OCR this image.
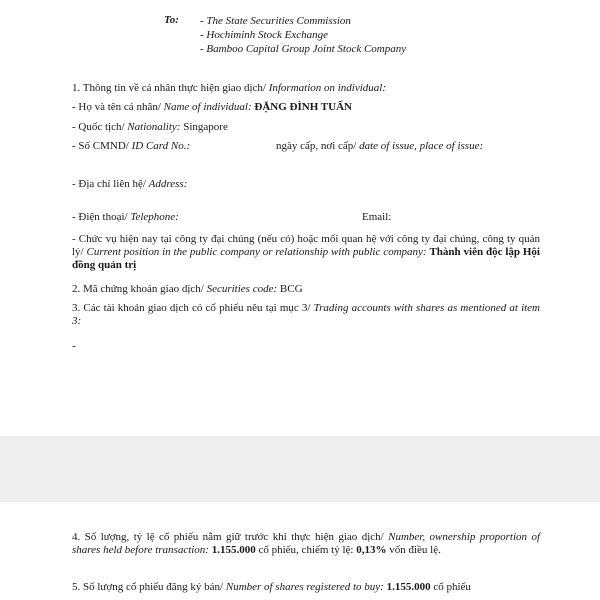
To: - The State Securities Commission
- Hochiminh Stock Exchange
- Bamboo Capital Group Joint Stock Company
1. Thông tin về cá nhân thực hiện giao dịch/ Information on individual:
- Họ và tên cá nhân/ Name of individual: ĐẶNG ĐÌNH TUẤN
- Quốc tịch/ Nationality: Singapore
- Số CMND/ ID Card No.:	ngày cấp, nơi cấp/ date of issue, place of issue:
- Địa chỉ liên hệ/ Address:
- Điện thoại/ Telephone:	Email:
- Chức vụ hiện nay tại công ty đại chúng (nếu có) hoặc mối quan hệ với công ty đại chúng, công ty quản lý/ Current position in the public company or relationship with public company: Thành viên độc lập Hội đồng quản trị
2. Mã chứng khoán giao dịch/ Securities code: BCG
3. Các tài khoản giao dịch có cổ phiếu nêu tại mục 3/ Trading accounts with shares as mentioned at item 3:
-
4. Số lượng, tỷ lệ cổ phiếu nắm giữ trước khi thực hiện giao dịch/ Number, ownership proportion of shares held before transaction: 1.155.000 cổ phiếu, chiếm tỷ lệ: 0,13% vốn điều lệ.
5. Số lượng cổ phiếu đăng ký bán/ Number of shares registered to buy: 1.155.000 cổ phiếu
